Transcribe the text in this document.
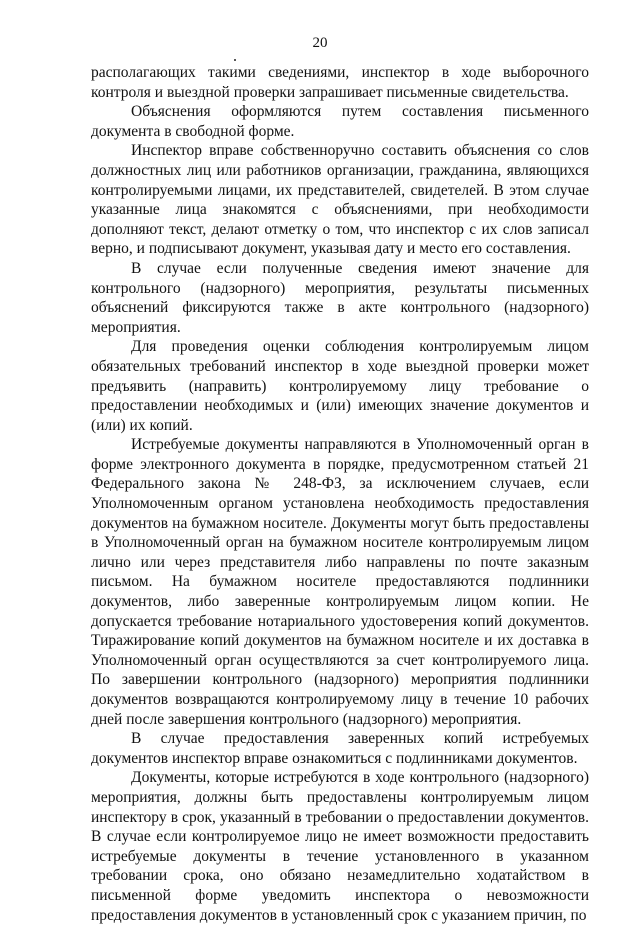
20

располагающих такими сведениями, инспектор в ходе выборочного контроля и выездной проверки запрашивает письменные свидетельства.

Объяснения оформляются путем составления письменного документа в свободной форме.

Инспектор вправе собственноручно составить объяснения со слов должностных лиц или работников организации, гражданина, являющихся контролируемыми лицами, их представителей, свидетелей. В этом случае указанные лица знакомятся с объяснениями, при необходимости дополняют текст, делают отметку о том, что инспектор с их слов записал верно, и подписывают документ, указывая дату и место его составления.

В случае если полученные сведения имеют значение для контрольного (надзорного) мероприятия, результаты письменных объяснений фиксируются также в акте контрольного (надзорного) мероприятия.

Для проведения оценки соблюдения контролируемым лицом обязательных требований инспектор в ходе выездной проверки может предъявить (направить) контролируемому лицу требование о предоставлении необходимых и (или) имеющих значение документов и (или) их копий.

Истребуемые документы направляются в Уполномоченный орган в форме электронного документа в порядке, предусмотренном статьей 21 Федерального закона № 248-ФЗ, за исключением случаев, если Уполномоченным органом установлена необходимость предоставления документов на бумажном носителе. Документы могут быть предоставлены в Уполномоченный орган на бумажном носителе контролируемым лицом лично или через представителя либо направлены по почте заказным письмом. На бумажном носителе предоставляются подлинники документов, либо заверенные контролируемым лицом копии. Не допускается требование нотариального удостоверения копий документов. Тиражирование копий документов на бумажном носителе и их доставка в Уполномоченный орган осуществляются за счет контролируемого лица. По завершении контрольного (надзорного) мероприятия подлинники документов возвращаются контролируемому лицу в течение 10 рабочих дней после завершения контрольного (надзорного) мероприятия.

В случае предоставления заверенных копий истребуемых документов инспектор вправе ознакомиться с подлинниками документов.

Документы, которые истребуются в ходе контрольного (надзорного) мероприятия, должны быть предоставлены контролируемым лицом инспектору в срок, указанный в требовании о предоставлении документов. В случае если контролируемое лицо не имеет возможности предоставить истребуемые документы в течение установленного в указанном требовании срока, оно обязано незамедлительно ходатайством в письменной форме уведомить инспектора о невозможности предоставления документов в установленный срок с указанием причин, по
